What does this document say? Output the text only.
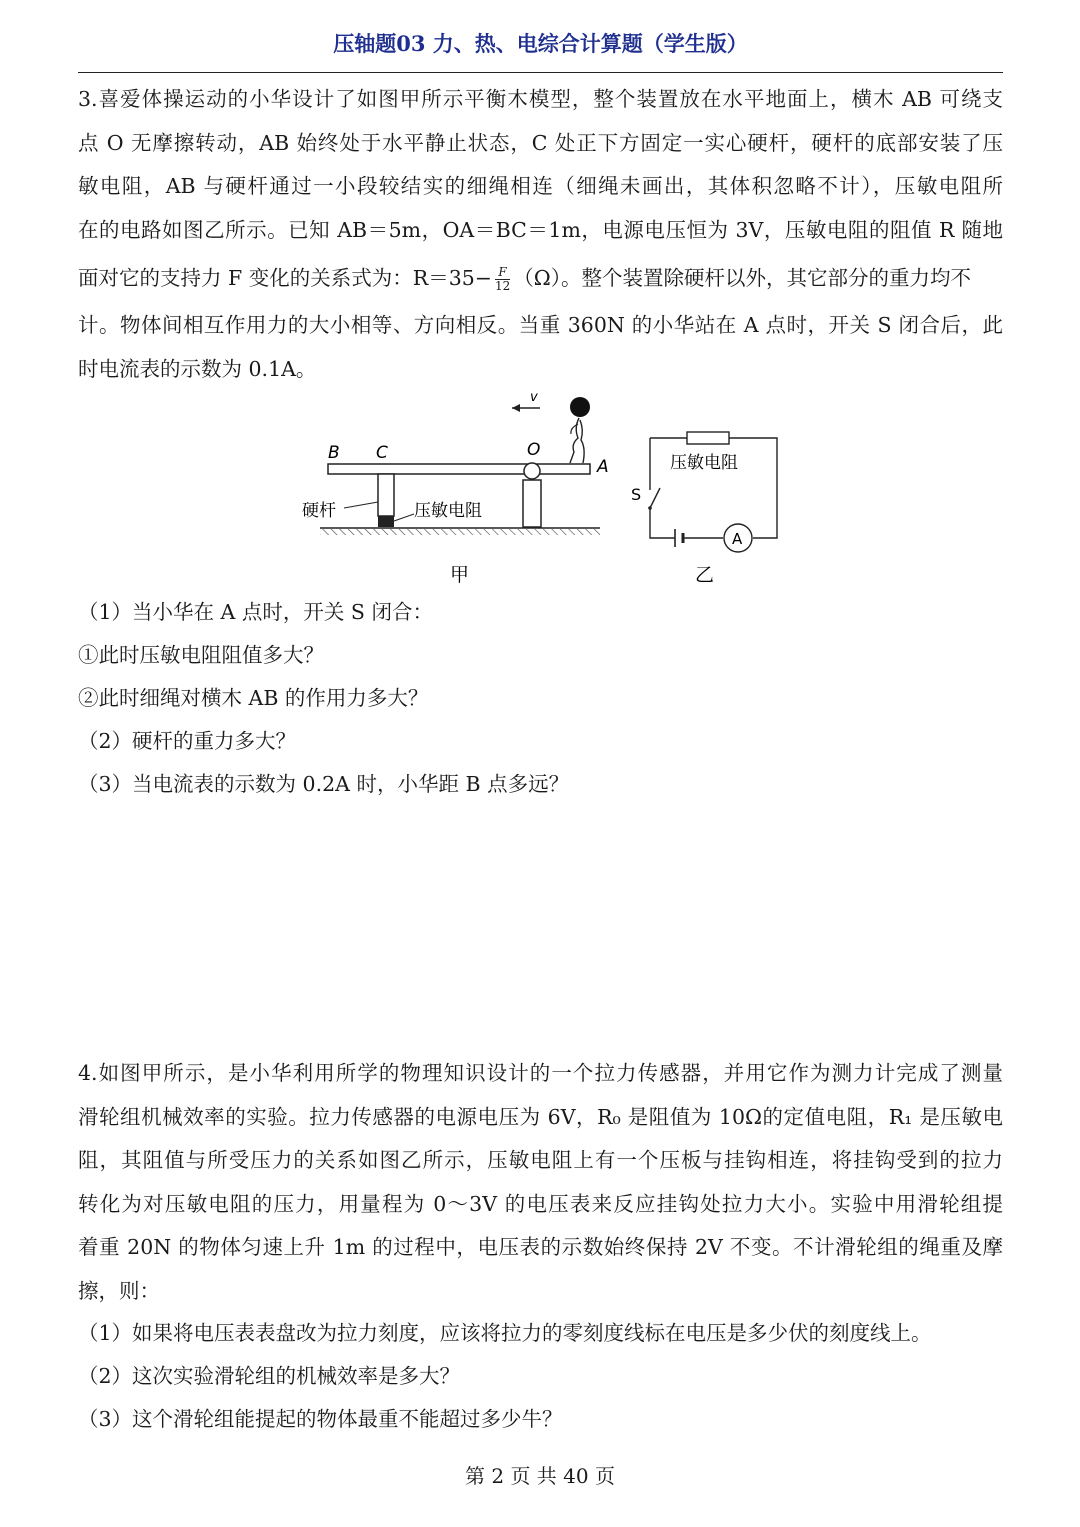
压轴题03 力、热、电综合计算题（学生版）
3.喜爱体操运动的小华设计了如图甲所示平衡木模型，整个装置放在水平地面上，横木 AB 可绕支
点 O 无摩擦转动，AB 始终处于水平静止状态，C 处正下方固定一实心硬杆，硬杆的底部安装了压
敏电阻，AB 与硬杆通过一小段较结实的细绳相连（细绳未画出，其体积忽略不计），压敏电阻所
在的电路如图乙所示。已知 AB＝5m，OA＝BC＝1m，电源电压恒为 3V，压敏电阻的阻值 R 随地
面对它的支持力 F 变化的关系式为：$R=35- \frac{F}{12} (\Omega)$。整个装置除硬杆以外，其它部分的重力均不
计。物体间相互作用力的大小相等、方向相反。当重 360N 的小华站在 A 点时，开关 S 闭合后，此
时电流表的示数为 0.1A。
v
B C	O
A
硬杆	压敏电阻
甲
压敏电阻
S
A
乙
（1）当小华在 A 点时，开关 S 闭合：
①此时压敏电阻阻值多大？
②此时细绳对横木 AB 的作用力多大？
（2）硬杆的重力多大？
（3）当电流表的示数为 0.2A 时，小华距 B 点多远？
4.如图甲所示，是小华利用所学的物理知识设计的一个拉力传感器，并用它作为测力计完成了测量
滑轮组机械效率的实验。拉力传感器的电源电压为 6V，R₀ 是阻值为 10Ω的定值电阻，R₁ 是压敏电
阻，其阻值与所受压力的关系如图乙所示，压敏电阻上有一个压板与挂钩相连，将挂钩受到的拉力
转化为对压敏电阻的压力，用量程为 0～3V 的电压表来反应挂钩处拉力大小。实验中用滑轮组提
着重 20N 的物体匀速上升 1m 的过程中，电压表的示数始终保持 2V 不变。不计滑轮组的绳重及摩
擦，则：
（1）如果将电压表表盘改为拉力刻度，应该将拉力的零刻度线标在电压是多少伏的刻度线上。
（2）这次实验滑轮组的机械效率是多大？
（3）这个滑轮组能提起的物体最重不能超过多少牛？
第 2 页 共 40 页
